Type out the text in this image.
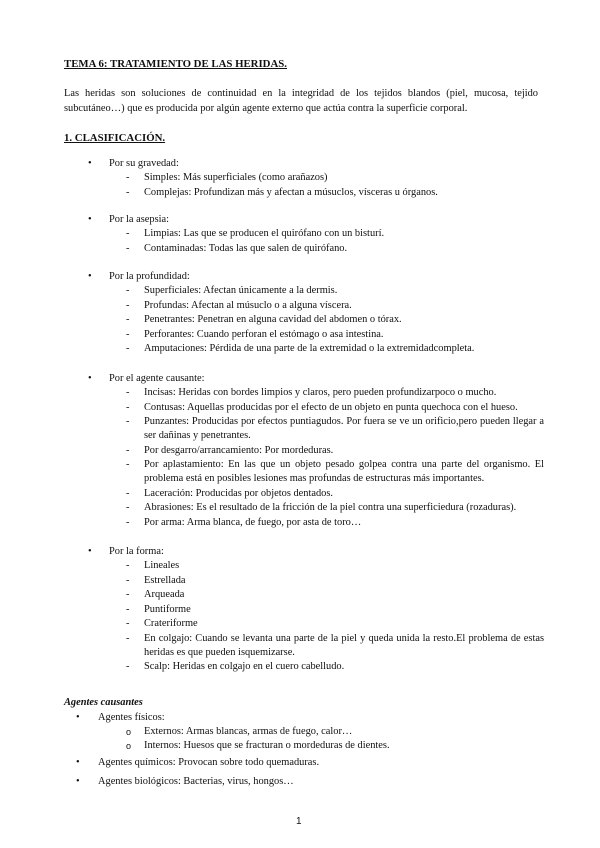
TEMA 6: TRATAMIENTO DE LAS HERIDAS.
Las heridas son soluciones de continuidad en la integridad de los tejidos blandos (piel, mucosa, tejido subcutáneo…) que es producida por algún agente externo que actúa contra la superficie corporal.
1. CLASIFICACIÓN.
• Por su gravedad:
- Simples: Más superficiales (como arañazos)
- Complejas: Profundizan más y afectan a músuclos, vísceras u órganos.
• Por la asepsia:
- Limpias: Las que se producen el quirófano con un bisturí.
- Contaminadas: Todas las que salen de quirófano.
• Por la profundidad:
- Superficiales: Afectan únicamente a la dermis.
- Profundas: Afectan al músuclo o a alguna víscera.
- Penetrantes: Penetran en alguna cavidad del abdomen o tórax.
- Perforantes: Cuando perforan el estómago o asa intestina.
- Amputaciones: Pérdida de una parte de la extremidad o la extremidadcompleta.
• Por el agente causante:
- Incisas: Heridas con bordes limpios y claros, pero pueden profundizarpoco o mucho.
- Contusas: Aquellas producidas por el efecto de un objeto en punta quechoca con el hueso.
- Punzantes: Producidas por efectos puntiagudos. Por fuera se ve un orificio,pero pueden llegar a ser dañinas y penetrantes.
- Por desgarro/arrancamiento: Por mordeduras.
- Por aplastamiento: En las que un objeto pesado golpea contra una parte del organismo. El problema está en posibles lesiones mas profundas de estructuras más importantes.
- Laceración: Producidas por objetos dentados.
- Abrasiones: Es el resultado de la fricción de la piel contra una superficiedura (rozaduras).
- Por arma: Arma blanca, de fuego, por asta de toro…
• Por la forma:
- Lineales
- Estrellada
- Arqueada
- Puntiforme
- Crateriforme
- En colgajo: Cuando se levanta una parte de la piel y queda unida la resto.El problema de estas heridas es que pueden isquemizarse.
- Scalp: Heridas en colgajo en el cuero cabelludo.
Agentes causantes
• Agentes físicos:
o Externos: Armas blancas, armas de fuego, calor…
o Internos: Huesos que se fracturan o mordeduras de dientes.
• Agentes químicos: Provocan sobre todo quemaduras.
• Agentes biológicos: Bacterias, virus, hongos…
1
